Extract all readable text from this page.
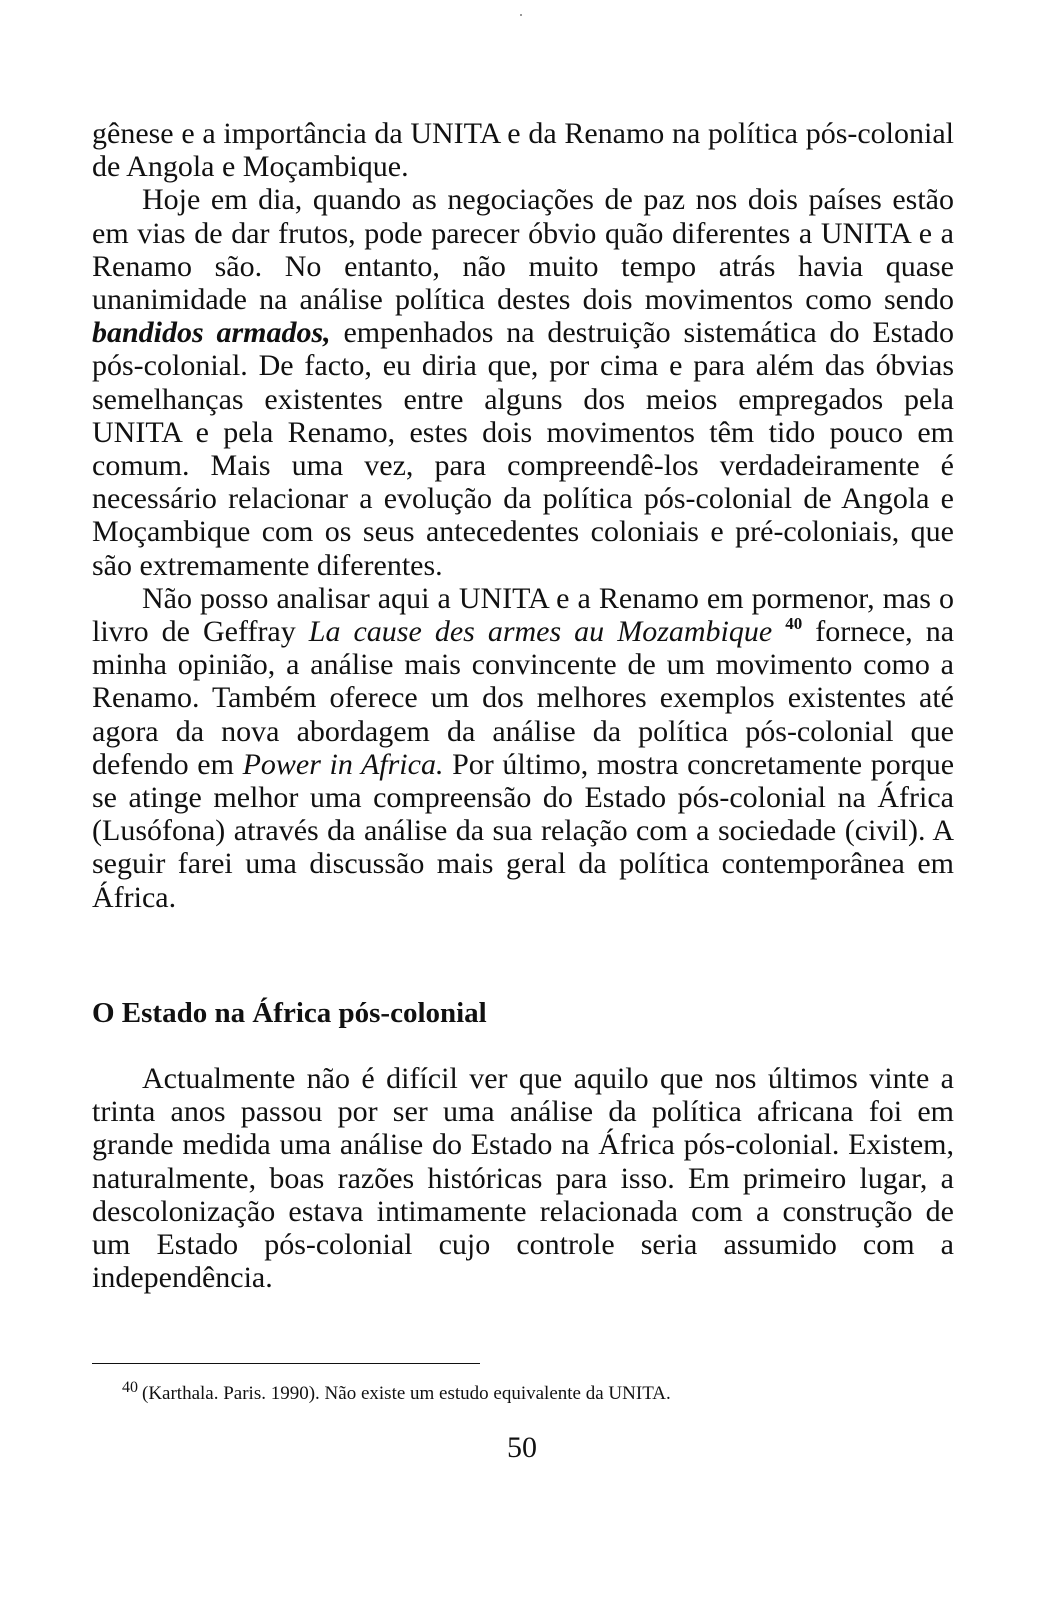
gênese e a importância da UNITA e da Renamo na política pós-colonial de Angola e Moçambique.

Hoje em dia, quando as negociações de paz nos dois países estão em vias de dar frutos, pode parecer óbvio quão diferentes a UNITA e a Renamo são. No entanto, não muito tempo atrás havia quase unanimidade na análise política destes dois movimentos como sendo bandidos armados, empenhados na destruição sistemática do Estado pós-colonial. De facto, eu diria que, por cima e para além das óbvias semelhanças existentes entre alguns dos meios empregados pela UNITA e pela Renamo, estes dois movimentos têm tido pouco em comum. Mais uma vez, para compreendê-los verdadeiramente é necessário relacionar a evolução da política pós-colonial de Angola e Moçambique com os seus antecedentes coloniais e pré-coloniais, que são extremamente diferentes.

Não posso analisar aqui a UNITA e a Renamo em pormenor, mas o livro de Geffray La cause des armes au Mozambique $^{40}$ fornece, na minha opinião, a análise mais convincente de um movimento como a Renamo. Também oferece um dos melhores exemplos existentes até agora da nova abordagem da análise da política pós-colonial que defendo em Power in Africa. Por último, mostra concretamente porque se atinge melhor uma compreensão do Estado pós-colonial na África (Lusófona) através da análise da sua relação com a sociedade (civil). A seguir farei uma discussão mais geral da política contemporânea em África.

O Estado na África pós-colonial

Actualmente não é difícil ver que aquilo que nos últimos vinte a trinta anos passou por ser uma análise da política africana foi em grande medida uma análise do Estado na África pós-colonial. Existem, naturalmente, boas razões históricas para isso. Em primeiro lugar, a descolonização estava intimamente relacionada com a construção de um Estado pós-colonial cujo controle seria assumido com a independência.

$^{40}$ (Karthala. Paris. 1990). Não existe um estudo equivalente da UNITA.

50
